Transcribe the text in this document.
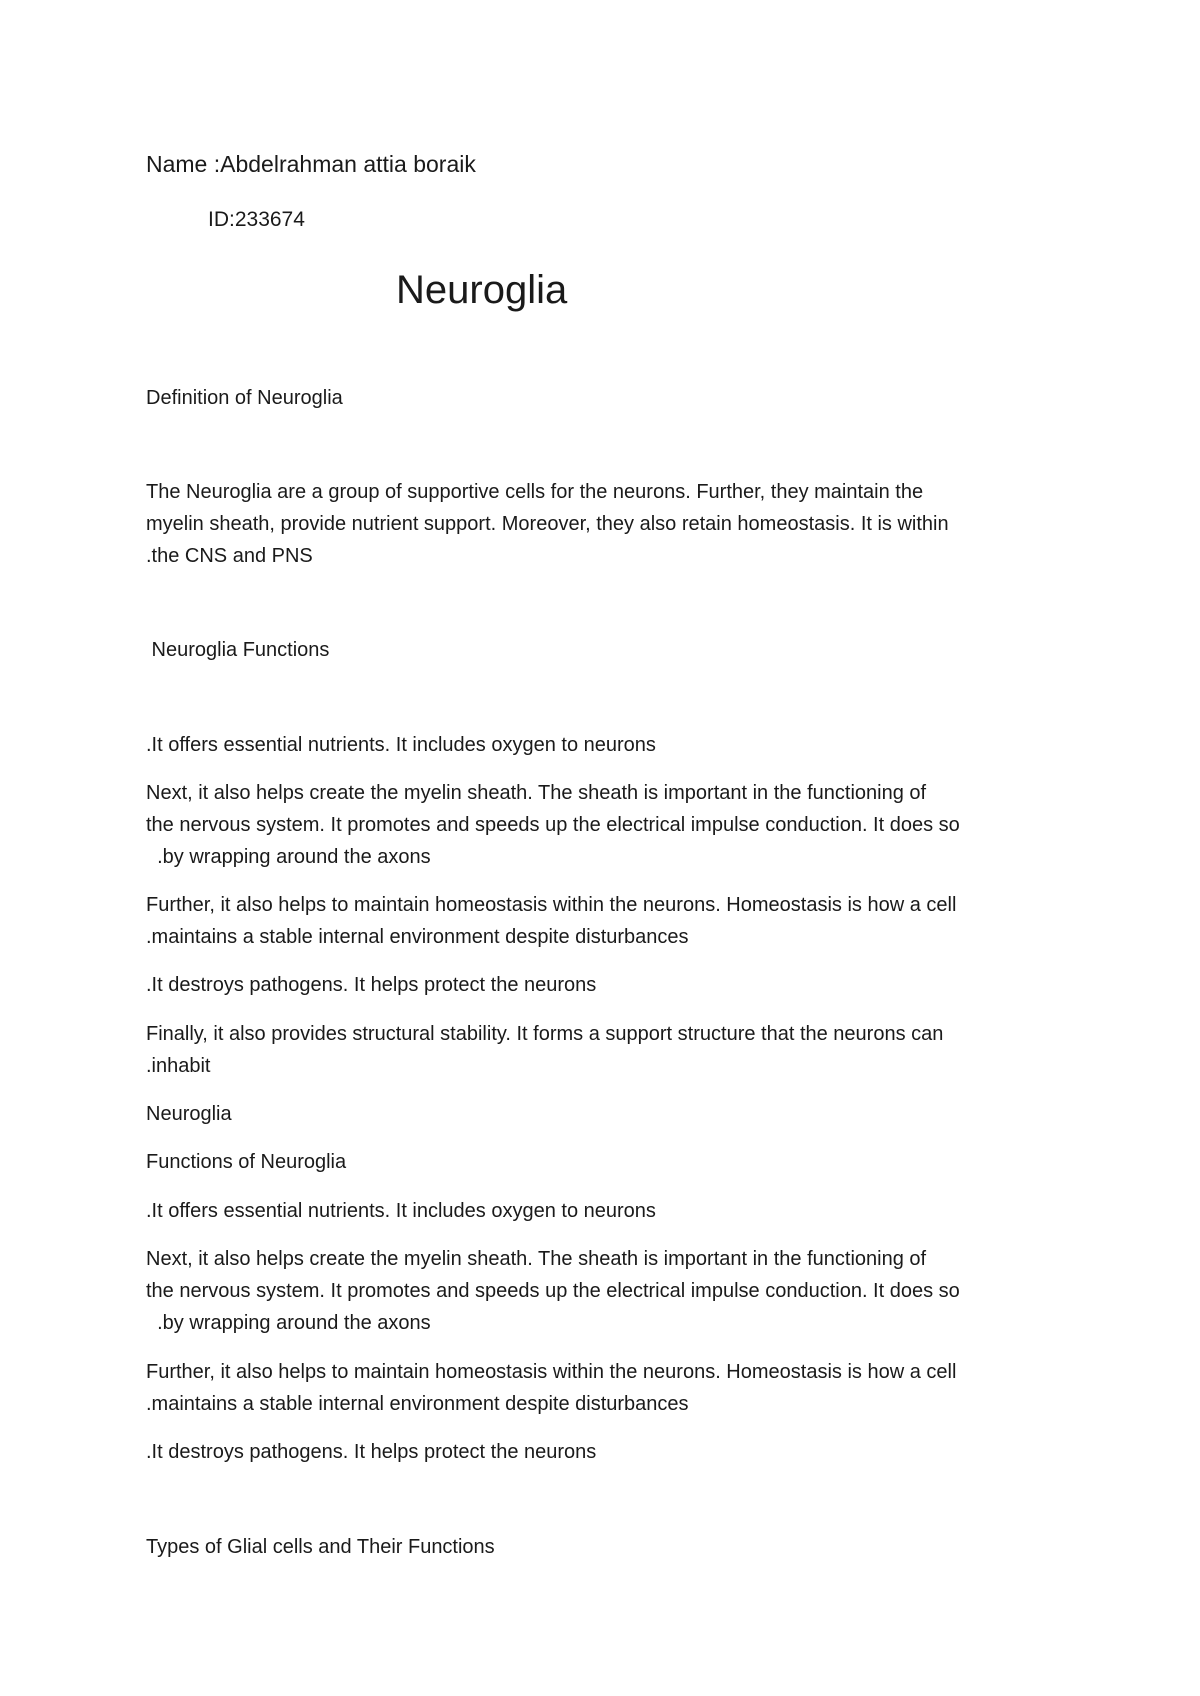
Name :Abdelrahman attia boraik
ID:233674
Neuroglia
Definition of Neuroglia
The Neuroglia are a group of supportive cells for the neurons. Further, they maintain the
myelin sheath, provide nutrient support. Moreover, they also retain homeostasis. It is within
.the CNS and PNS
Neuroglia Functions
.It offers essential nutrients. It includes oxygen to neurons
Next, it also helps create the myelin sheath. The sheath is important in the functioning of
the nervous system. It promotes and speeds up the electrical impulse conduction. It does so
.by wrapping around the axons
Further, it also helps to maintain homeostasis within the neurons. Homeostasis is how a cell
.maintains a stable internal environment despite disturbances
.It destroys pathogens. It helps protect the neurons
Finally, it also provides structural stability. It forms a support structure that the neurons can
.inhabit
Neuroglia
Functions of Neuroglia
.It offers essential nutrients. It includes oxygen to neurons
Next, it also helps create the myelin sheath. The sheath is important in the functioning of
the nervous system. It promotes and speeds up the electrical impulse conduction. It does so
.by wrapping around the axons
Further, it also helps to maintain homeostasis within the neurons. Homeostasis is how a cell
.maintains a stable internal environment despite disturbances
.It destroys pathogens. It helps protect the neurons
Types of Glial cells and Their Functions
